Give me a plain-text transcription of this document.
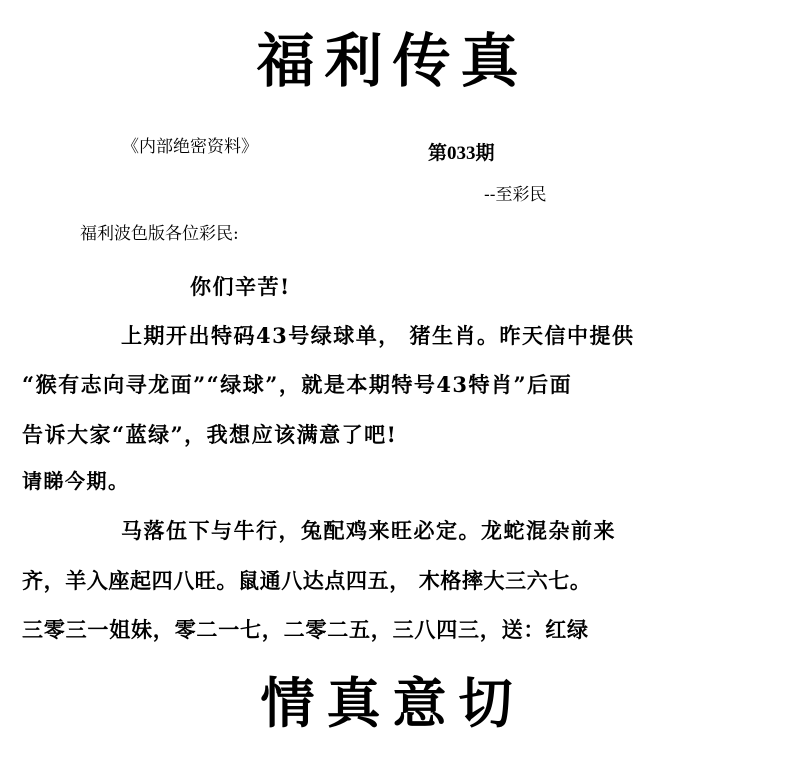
福利传真
《内部绝密资料》	第033期
--至彩民
福利波色版各位彩民:
你们辛苦!
上期开出特码43号绿球单， 猪生肖。昨天信中提供
“猴有志向寻龙面”“绿球”，就是本期特号43特肖”后面
告诉大家“蓝绿”，我想应该满意了吧!
请睇今期。
马落伍下与牛行，兔配鸡来旺必定。龙蛇混杂前来
齐，羊入座起四八旺。鼠通八达点四五， 木格摔大三六七。
三零三一姐妹，零二一七，二零二五，三八四三，送：红绿
情真意切
